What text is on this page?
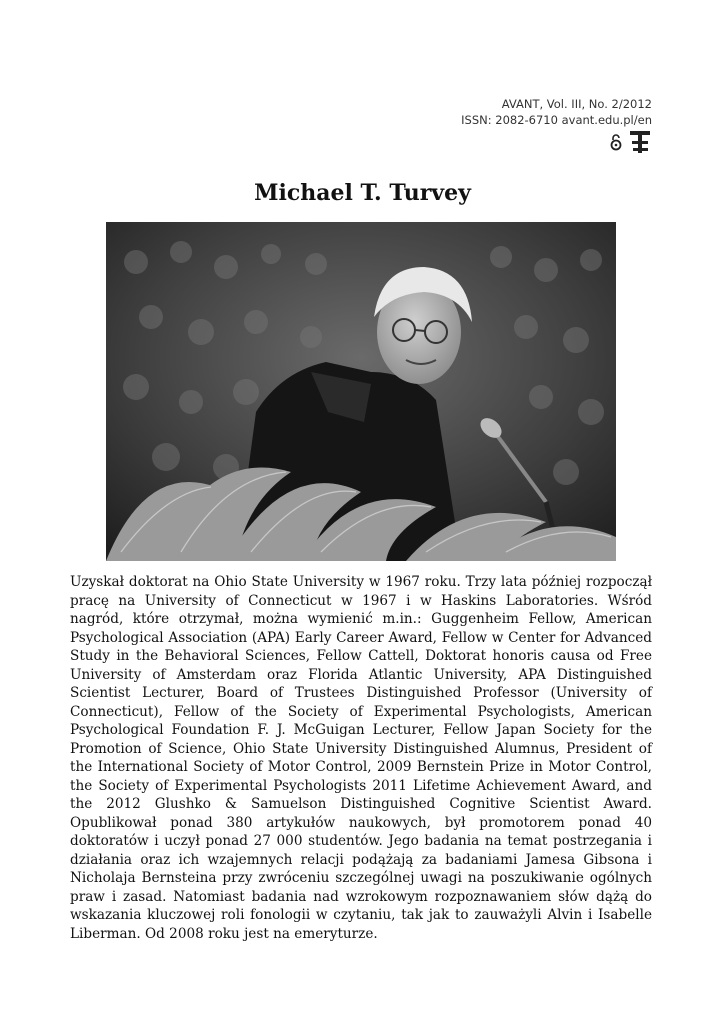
AVANT, Vol. III, No. 2/2012
ISSN: 2082-6710 avant.edu.pl/en
Michael T. Turvey

Uzyskał doktorat na Ohio State University w 1967 roku. Trzy lata później rozpoczął pracę na University of Connecticut w 1967 i w Haskins Laboratories. Wśród nagród, które otrzymał, można wymienić m.in.: Guggenheim Fellow, American Psychological Association (APA) Early Career Award, Fellow w Center for Advanced Study in the Behavioral Sciences, Fellow Cattell, Doktorat honoris causa od Free University of Amsterdam oraz Florida Atlantic University, APA Distinguished Scientist Lecturer, Board of Trustees Distinguished Professor (University of Connecticut), Fellow of the Society of Experimental Psychologists, American Psychological Foundation F. J. McGuigan Lecturer, Fellow Japan Society for the Promotion of Science, Ohio State University Distinguished Alumnus, President of the International Society of Motor Control, 2009 Bernstein Prize in Motor Control, the Society of Experimental Psychologists 2011 Lifetime Achievement Award, and the 2012 Glushko & Samuelson Distinguished Cognitive Scientist Award. Opublikował ponad 380 artykułów naukowych, był promotorem ponad 40 doktoratów i uczył ponad 27 000 studentów. Jego badania na temat postrzegania i działania oraz ich wzajemnych relacji podążają za badaniami Jamesa Gibsona i Nicholaja Bernsteina przy zwróceniu szczególnej uwagi na poszukiwanie ogólnych praw i zasad. Natomiast badania nad wzrokowym rozpoznawaniem słów dążą do wskazania kluczowej roli fonologii w czytaniu, tak jak to zauważyli Alvin i Isabelle Liberman. Od 2008 roku jest na emeryturze.
